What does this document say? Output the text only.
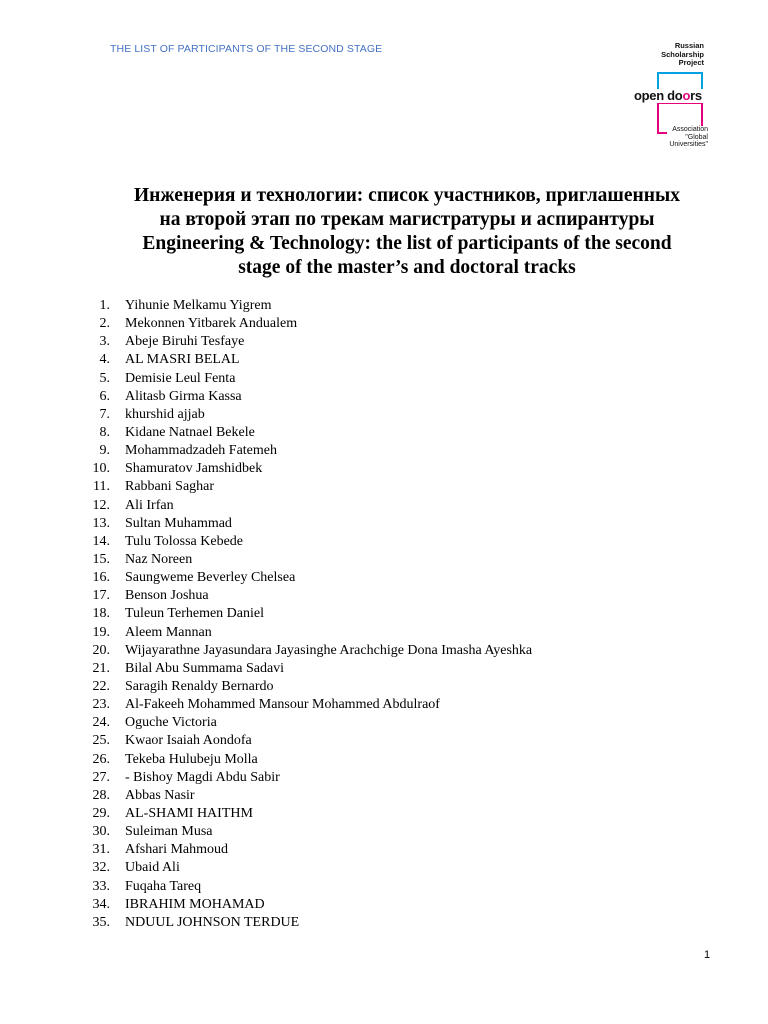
THE LIST OF PARTICIPANTS OF THE SECOND STAGE	Russian
Scholarship
Project
open doors
Association
"Global
Universities"
Инженерия и технологии: список участников, приглашенных
на второй этап по трекам магистратуры и аспирантуры
Engineering & Technology: the list of participants of the second
stage of the master’s and doctoral tracks
1. Yihunie Melkamu Yigrem
2. Mekonnen Yitbarek Andualem
3. Abeje Biruhi Tesfaye
4. AL MASRI BELAL
5. Demisie Leul Fenta
6. Alitasb Girma Kassa
7. khurshid ajjab
8. Kidane Natnael Bekele
9. Mohammadzadeh Fatemeh
10. Shamuratov Jamshidbek
11. Rabbani Saghar
12. Ali Irfan
13. Sultan Muhammad
14. Tulu Tolossa Kebede
15. Naz Noreen
16. Saungweme Beverley Chelsea
17. Benson Joshua
18. Tuleun Terhemen Daniel
19. Aleem Mannan
20. Wijayarathne Jayasundara Jayasinghe Arachchige Dona Imasha Ayeshka
21. Bilal Abu Summama Sadavi
22. Saragih Renaldy Bernardo
23. Al-Fakeeh Mohammed Mansour Mohammed Abdulraof
24. Oguche Victoria
25. Kwaor Isaiah Aondofa
26. Tekeba Hulubeju Molla
27. - Bishoy Magdi Abdu Sabir
28. Abbas Nasir
29. AL-SHAMI HAITHM
30. Suleiman Musa
31. Afshari Mahmoud
32. Ubaid Ali
33. Fuqaha Tareq
34. IBRAHIM MOHAMAD
35. NDUUL JOHNSON TERDUE
1
